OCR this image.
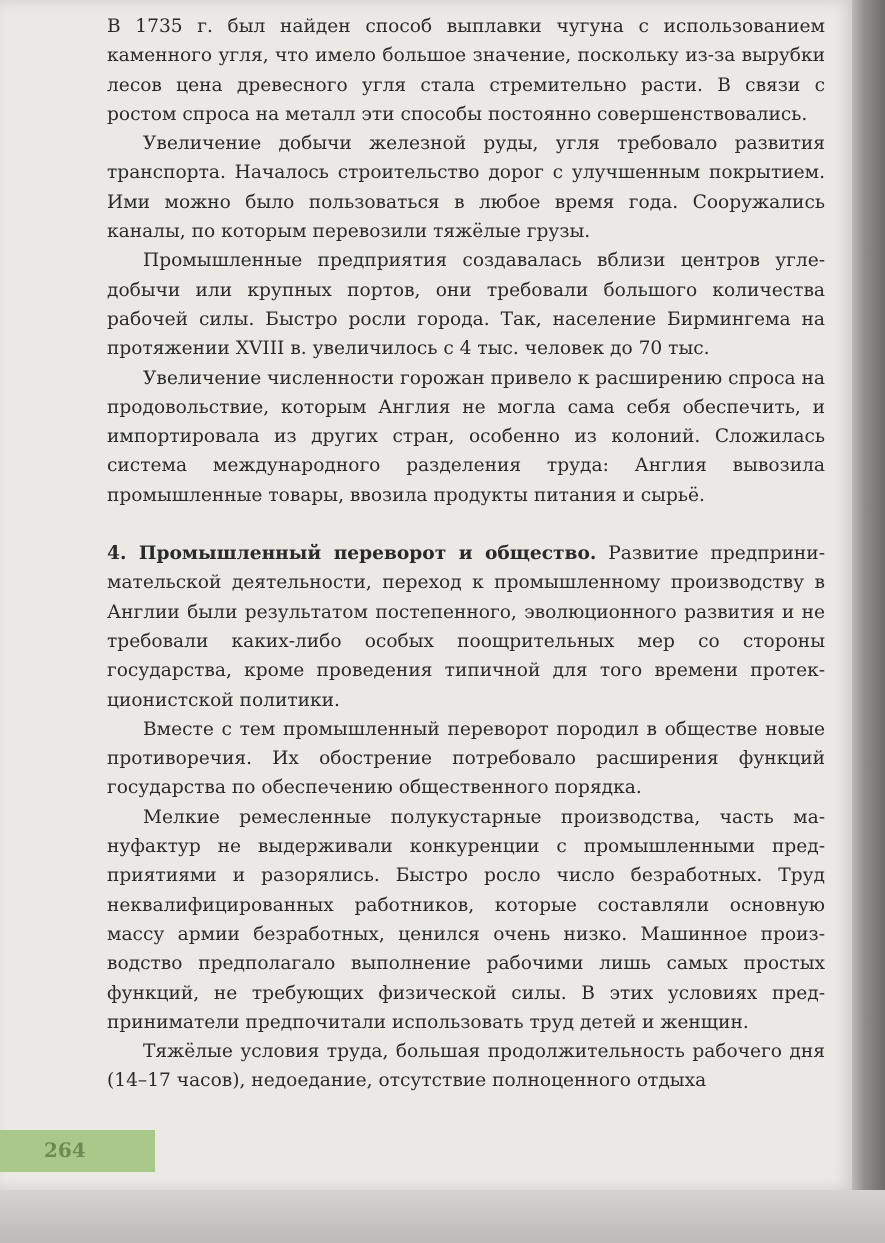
В 1735 г. был найден способ выплавки чугуна с использованием каменного угля, что имело большое значение, поскольку из-за вырубки лесов цена древесного угля стала стремительно расти. В связи с ростом спроса на металл эти способы постоянно совершенствовались.

Увеличение добычи железной руды, угля требовало развития транспорта. Началось строительство дорог с улучшенным покрытием. Ими можно было пользоваться в любое время года. Сооружались каналы, по которым перевозили тяжёлые грузы.

Промышленные предприятия создавалась вблизи центров угледобычи или крупных портов, они требовали большого количества рабочей силы. Быстро росли города. Так, население Бирмингема на протяжении XVIII в. увеличилось с 4 тыс. человек до 70 тыс.

Увеличение численности горожан привело к расширению спроса на продовольствие, которым Англия не могла сама себя обеспечить, и импортировала из других стран, особенно из колоний. Сложилась система международного разделения труда: Англия вывозила промышленные товары, ввозила продукты питания и сырьё.

4. Промышленный переворот и общество. Развитие предпринимательской деятельности, переход к промышленному производству в Англии были результатом постепенного, эволюционного развития и не требовали каких-либо особых поощрительных мер со стороны государства, кроме проведения типичной для того времени протекционистской политики.

Вместе с тем промышленный переворот породил в обществе новые противоречия. Их обострение потребовало расширения функций государства по обеспечению общественного порядка.

Мелкие ремесленные полукустарные производства, часть мануфактур не выдерживали конкуренции с промышленными предприятиями и разорялись. Быстро росло число безработных. Труд неквалифицированных работников, которые составляли основную массу армии безработных, ценился очень низко. Машинное производство предполагало выполнение рабочими лишь самых простых функций, не требующих физической силы. В этих условиях предприниматели предпочитали использовать труд детей и женщин.

Тяжёлые условия труда, большая продолжительность рабочего дня (14–17 часов), недоедание, отсутствие полноценного отдыха

264
